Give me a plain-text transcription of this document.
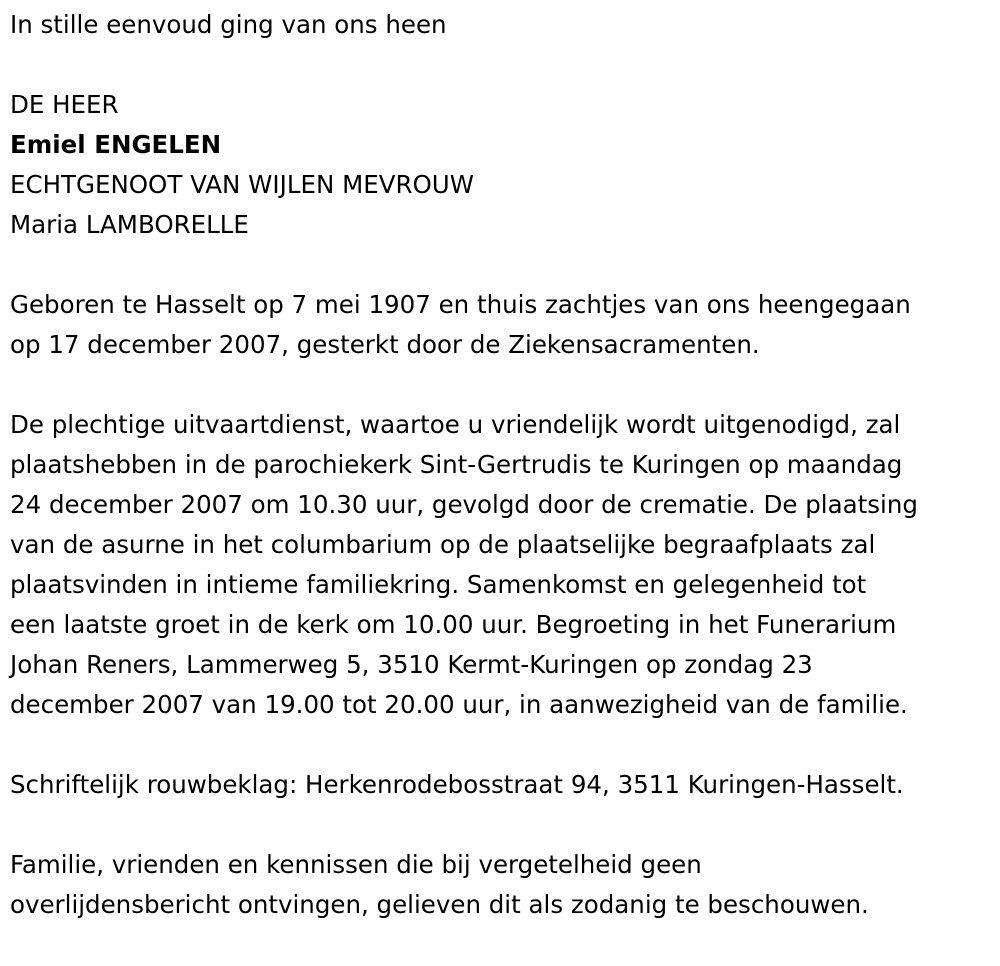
In stille eenvoud ging van ons heen

DE HEER

Emiel ENGELEN

ECHTGENOOT VAN WIJLEN MEVROUW

Maria LAMBORELLE

Geboren te Hasselt op 7 mei 1907 en thuis zachtjes van ons heengegaan

op 17 december 2007, gesterkt door de Ziekensacramenten.

De plechtige uitvaartdienst, waartoe u vriendelijk wordt uitgenodigd, zal

plaatshebben in de parochiekerk Sint-Gertrudis te Kuringen op maandag

24 december 2007 om 10.30 uur, gevolgd door de crematie. De plaatsing

van de asurne in het columbarium op de plaatselijke begraafplaats zal

plaatsvinden in intieme familiekring. Samenkomst en gelegenheid tot

een laatste groet in de kerk om 10.00 uur. Begroeting in het Funerarium

Johan Reners, Lammerweg 5, 3510 Kermt-Kuringen op zondag 23

december 2007 van 19.00 tot 20.00 uur, in aanwezigheid van de familie.

Schriftelijk rouwbeklag: Herkenrodebosstraat 94, 3511 Kuringen-Hasselt.

Familie, vrienden en kennissen die bij vergetelheid geen

overlijdensbericht ontvingen, gelieven dit als zodanig te beschouwen.
